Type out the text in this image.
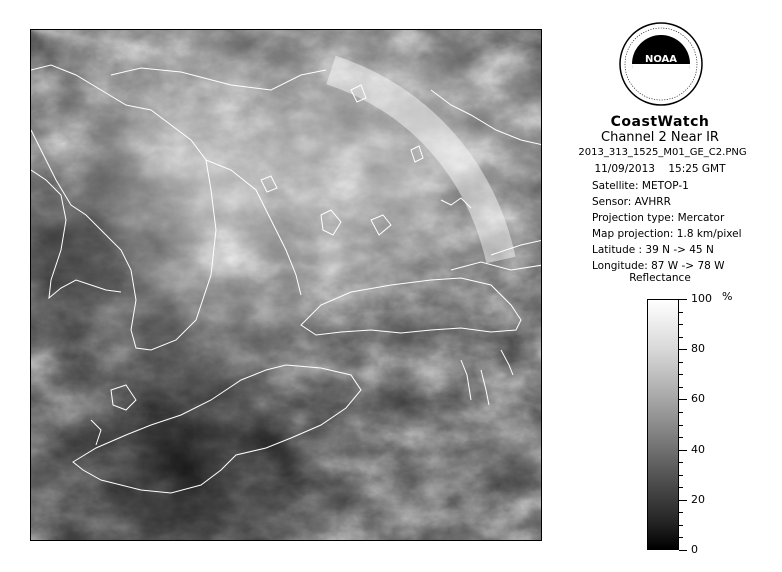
NOAA
CoastWatch
Channel 2 Near IR
2013_313_1525_M01_GE_C2.PNG
11/09/2013 15:25 GMT
Satellite: METOP-1
Sensor: AVHRR
Projection type: Mercator
Map projection: 1.8 km/pixel
Latitude : 39 N -> 45 N
Longitude: 87 W -> 78 W
Reflectance
%
100
80
60
40
20
0
